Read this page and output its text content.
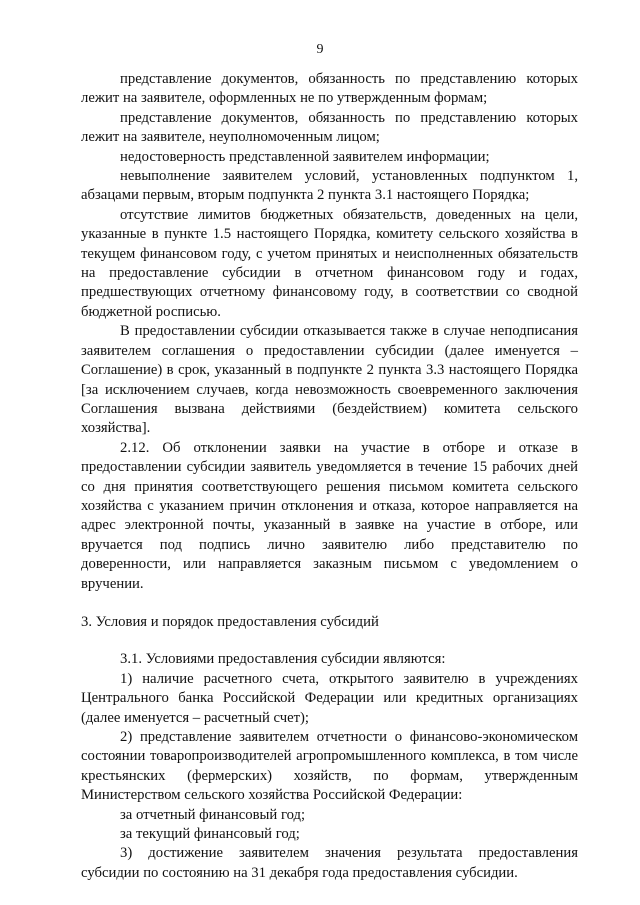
9

представление документов, обязанность по представлению которых лежит на заявителе, оформленных не по утвержденным формам;

представление документов, обязанность по представлению которых лежит на заявителе, неуполномоченным лицом;

недостоверность представленной заявителем информации;

невыполнение заявителем условий, установленных подпунктом 1, абзацами первым, вторым подпункта 2 пункта 3.1 настоящего Порядка;

отсутствие лимитов бюджетных обязательств, доведенных на цели, указанные в пункте 1.5 настоящего Порядка, комитету сельского хозяйства в текущем финансовом году, с учетом принятых и неисполненных обязательств на предоставление субсидии в отчетном финансовом году и годах, предшествующих отчетному финансовому году, в соответствии со сводной бюджетной росписью.

В предоставлении субсидии отказывается также в случае неподписания заявителем соглашения о предоставлении субсидии (далее именуется – Соглашение) в срок, указанный в подпункте 2 пункта 3.3 настоящего Порядка [за исключением случаев, когда невозможность своевременного заключения Соглашения вызвана действиями (бездействием) комитета сельского хозяйства].

2.12. Об отклонении заявки на участие в отборе и отказе в предоставлении субсидии заявитель уведомляется в течение 15 рабочих дней со дня принятия соответствующего решения письмом комитета сельского хозяйства с указанием причин отклонения и отказа, которое направляется на адрес электронной почты, указанный в заявке на участие в отборе, или вручается под подпись лично заявителю либо представителю по доверенности, или направляется заказным письмом с уведомлением о вручении.

3. Условия и порядок предоставления субсидий

3.1. Условиями предоставления субсидии являются:

1) наличие расчетного счета, открытого заявителю в учреждениях Центрального банка Российской Федерации или кредитных организациях (далее именуется – расчетный счет);

2) представление заявителем отчетности о финансово-экономическом состоянии товаропроизводителей агропромышленного комплекса, в том числе крестьянских (фермерских) хозяйств, по формам, утвержденным Министерством сельского хозяйства Российской Федерации:

за отчетный финансовый год;

за текущий финансовый год;

3) достижение заявителем значения результата предоставления субсидии по состоянию на 31 декабря года предоставления субсидии.
